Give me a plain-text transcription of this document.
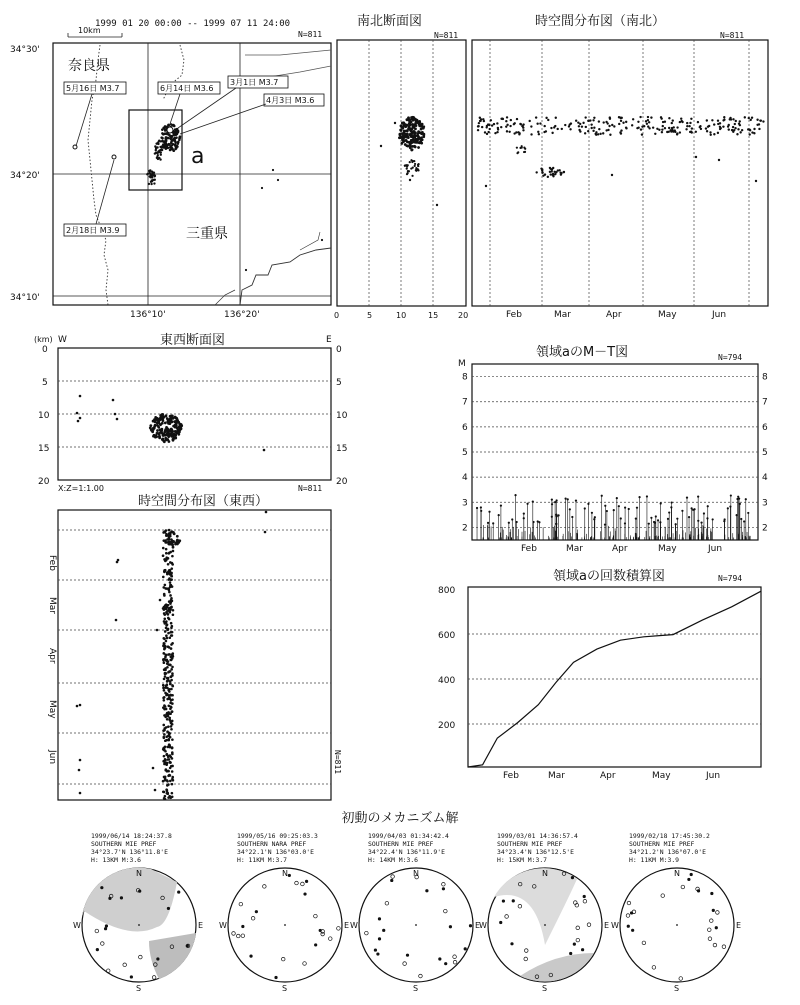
1999 01 20 00:00 -- 1999 07 11 24:00
N=811
10km
a
奈良県
三重県
5月16日 M3.7	6月14日 M3.6
3月1日 M3.7
4月3日 M3.6
2月18日 M3.9
34°30'
34°20'
34°10'
136°10'	136°20'
南北断面図
N=811
0	5	10	15 20
時空間分布図（南北）
N=811
Feb	Mar	Apr	May	Jun
東西断面図
(km) W	E
0
5
10
15
20
0
5
10
15
20
X:Z=1:1.00	N=811
時空間分布図（東西）
Feb
Mar
Apr
May
Jun	N=811
領域aのM－T図	N=794
M
8	8
7	7
6	6
5	5
4	4
3	3
2	2
Feb	Mar	Apr	May	Jun
領域aの回数積算図	N=794
800
600
400
200
Feb	Mar	Apr	May	Jun
初動のメカニズム解
1999/06/14 18:24:37.8
SOUTHERN MIE PREF
34°23.7'N 136°11.8'E
H: 13KM M:3.6
N
S
E
W
1999/05/16 09:25:03.3
SOUTHERN NARA PREF
34°22.1'N 136°03.0'E
H: 11KM M:3.7
N
S
E
W
1999/04/03 01:34:42.4
SOUTHERN MIE PREF
34°22.4'N 136°11.9'E
H: 14KM M:3.6
N
S
E
W
1999/03/01 14:36:57.4
SOUTHERN MIE PREF
34°23.4'N 136°12.5'E
H: 15KM M:3.7
N
S
E
W
1999/02/18 17:45:30.2
SOUTHERN MIE PREF
34°21.2'N 136°07.0'E
H: 11KM M:3.9
N
S
E
W
